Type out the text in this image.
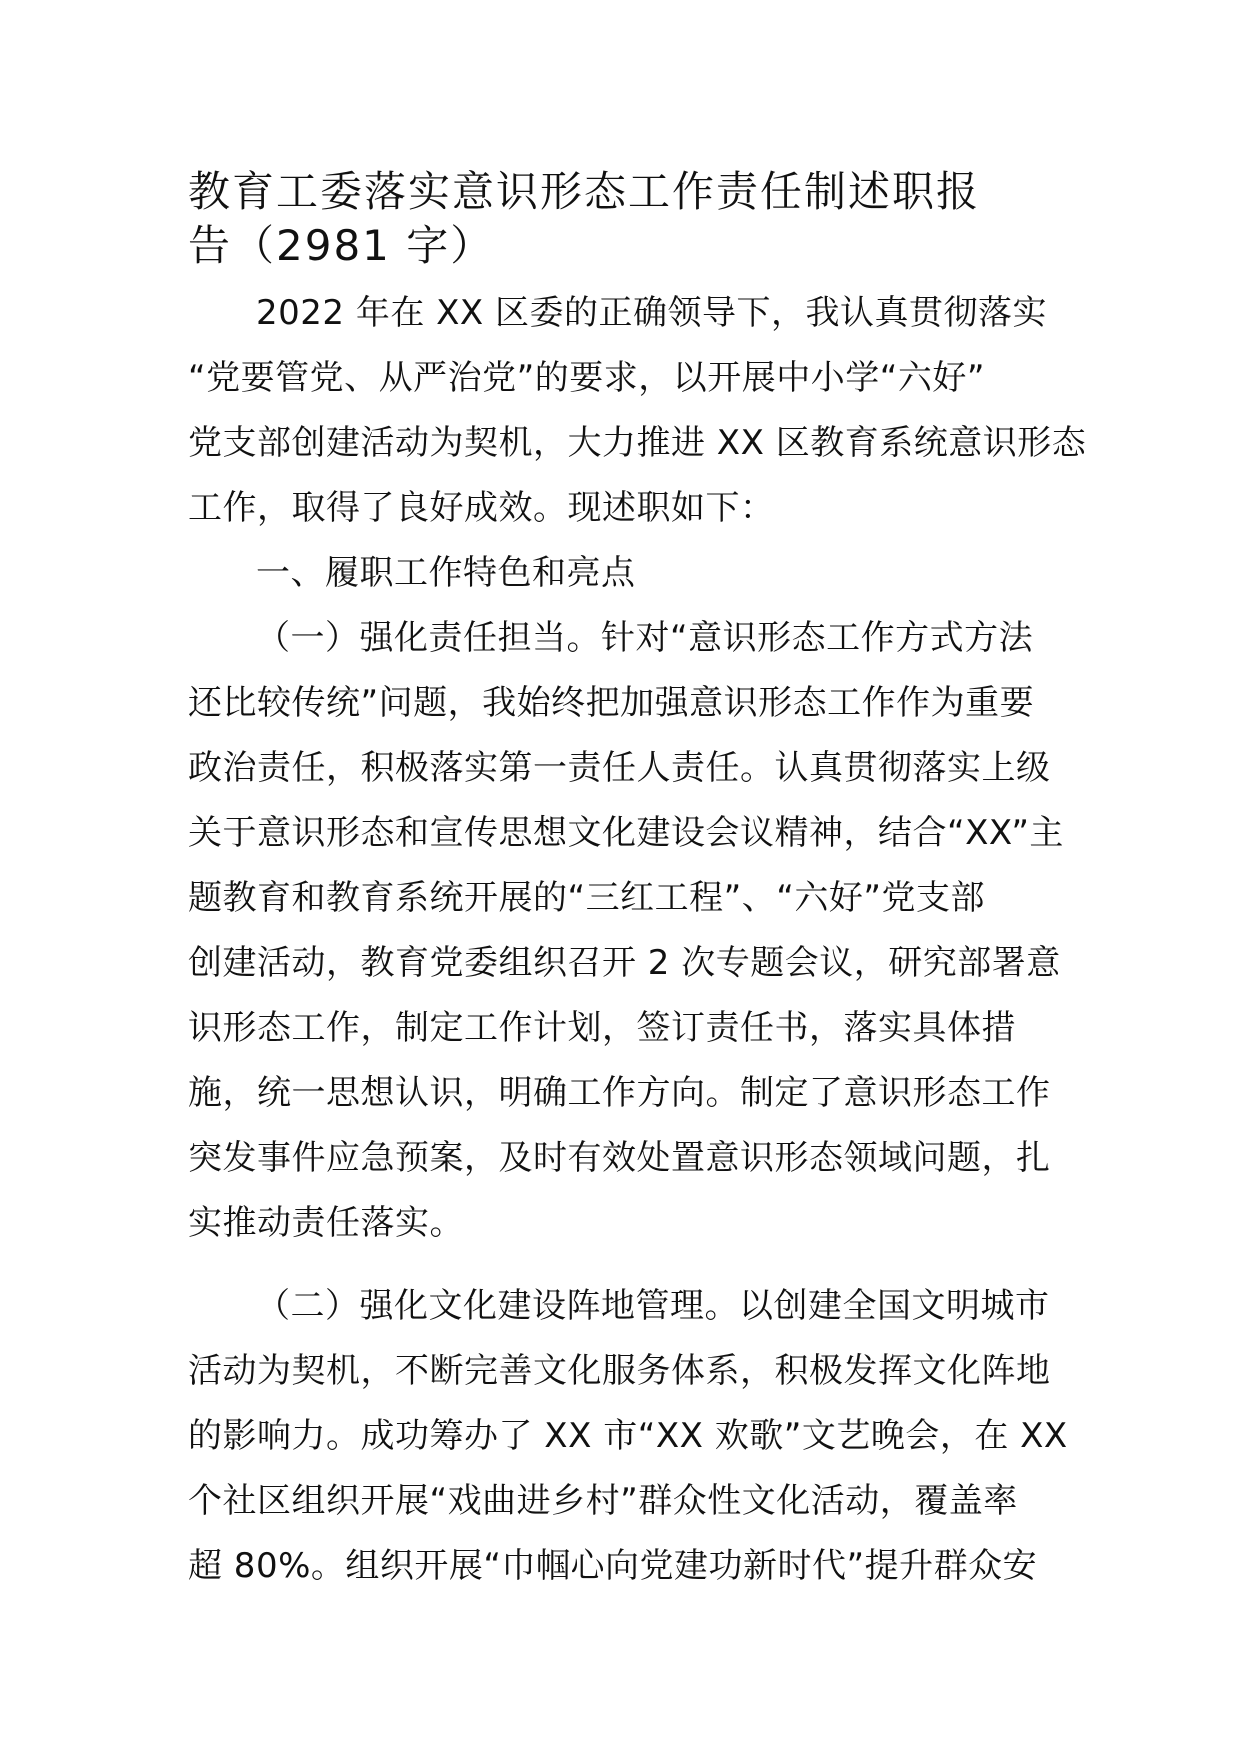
教育工委落实意识形态工作责任制述职报
告（2981 字）
2022 年在 XX 区委的正确领导下，我认真贯彻落实
“党要管党、从严治党”的要求，以开展中小学“六好”
党支部创建活动为契机，大力推进 XX 区教育系统意识形态
工作，取得了良好成效。现述职如下：
一、履职工作特色和亮点
（一）强化责任担当。针对“意识形态工作方式方法
还比较传统”问题，我始终把加强意识形态工作作为重要
政治责任，积极落实第一责任人责任。认真贯彻落实上级
关于意识形态和宣传思想文化建设会议精神，结合“XX”主
题教育和教育系统开展的“三红工程”、“六好”党支部
创建活动，教育党委组织召开 2 次专题会议，研究部署意
识形态工作，制定工作计划，签订责任书，落实具体措
施，统一思想认识，明确工作方向。制定了意识形态工作
突发事件应急预案，及时有效处置意识形态领域问题，扎
实推动责任落实。
（二）强化文化建设阵地管理。以创建全国文明城市
活动为契机，不断完善文化服务体系，积极发挥文化阵地
的影响力。成功筹办了 XX 市“XX 欢歌”文艺晚会，在 XX
个社区组织开展“戏曲进乡村”群众性文化活动，覆盖率
超 80%。组织开展“巾帼心向党建功新时代”提升群众安
